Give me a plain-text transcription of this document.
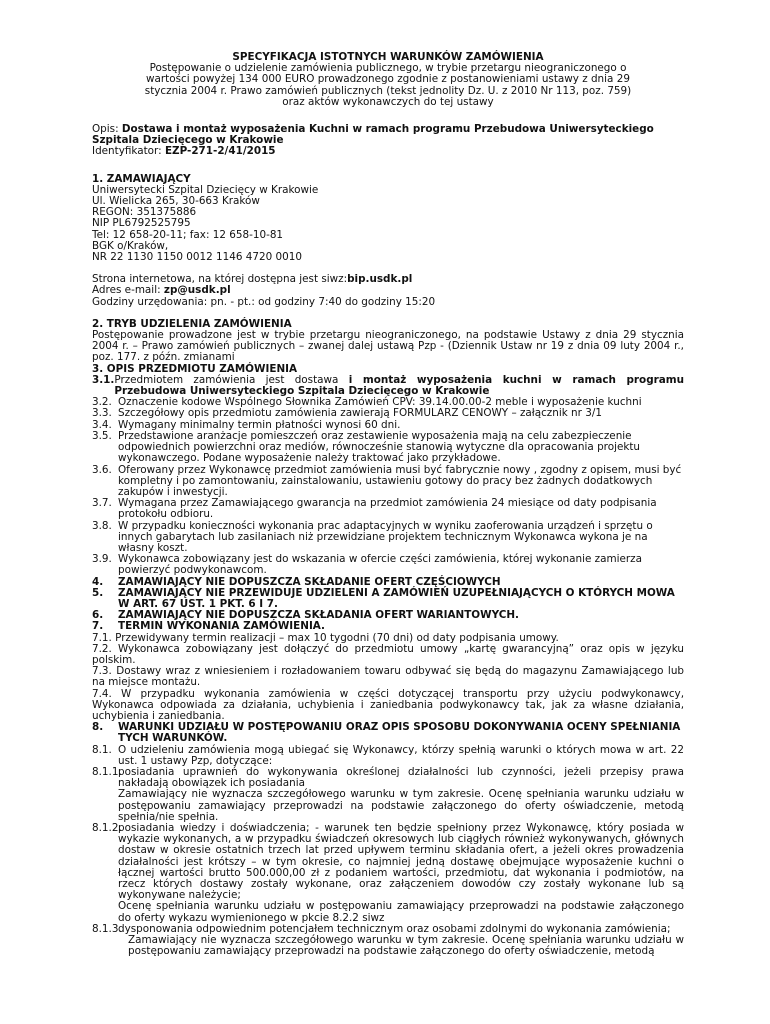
SPECYFIKACJA ISTOTNYCH WARUNKÓW ZAMÓWIENIA

Postępowanie o udzielenie zamówienia publicznego, w trybie przetargu nieograniczonego o wartości powyżej 134 000 EURO prowadzonego zgodnie z postanowieniami ustawy z dnia 29 stycznia 2004 r. Prawo zamówień publicznych (tekst jednolity Dz. U. z 2010 Nr 113, poz. 759) oraz aktów wykonawczych do tej ustawy

Opis: Dostawa i montaż wyposażenia Kuchni w ramach programu Przebudowa Uniwersyteckiego Szpitala Dziecięcego w Krakowie

Identyfikator: EZP-271-2/41/2015

1. ZAMAWIAJĄCY

Uniwersytecki Szpital Dziecięcy w Krakowie

Ul. Wielicka 265, 30-663 Kraków

REGON: 351375886

NIP PL6792525795

Tel: 12 658-20-11; fax: 12 658-10-81

BGK o/Kraków,

NR 22 1130 1150 0012 1146 4720 0010

Strona internetowa, na której dostępna jest siwz:bip.usdk.pl

Adres e-mail: zp@usdk.pl

Godziny urzędowania: pn. - pt.: od godziny 7:40 do godziny 15:20

2. TRYB UDZIELENIA ZAMÓWIENIA

Postępowanie prowadzone jest w trybie przetargu nieograniczonego, na podstawie Ustawy z dnia 29 stycznia 2004 r. – Prawo zamówień publicznych – zwanej dalej ustawą Pzp - (Dziennik Ustaw nr 19 z dnia 09 luty 2004 r., poz. 177. z późn. zmianami

3. OPIS PRZEDMIOTU ZAMÓWIENIA

3.1. Przedmiotem zamówienia jest dostawa i montaż wyposażenia kuchni w ramach programu Przebudowa Uniwersyteckiego Szpitala Dziecięcego w Krakowie
3.2. Oznaczenie kodowe Wspólnego Słownika Zamówień CPV: 39.14.00.00-2 meble i wyposażenie kuchni
3.3. Szczegółowy opis przedmiotu zamówienia zawierają FORMULARZ CENOWY – załącznik nr 3/1
3.4. Wymagany minimalny termin płatności wynosi 60 dni.
3.5. Przedstawione aranżacje pomieszczeń oraz zestawienie wyposażenia mają na celu zabezpieczenie odpowiednich powierzchni oraz mediów, równocześnie stanowią wytyczne dla opracowania projektu wykonawczego. Podane wyposażenie należy traktować jako przykładowe.
3.6. Oferowany przez Wykonawcę przedmiot zamówienia musi być fabrycznie nowy , zgodny z opisem, musi być kompletny i po zamontowaniu, zainstalowaniu, ustawieniu gotowy do pracy bez żadnych dodatkowych zakupów i inwestycji.
3.7. Wymagana przez Zamawiającego gwarancja na przedmiot zamówienia 24 miesiące od daty podpisania protokołu odbioru.
3.8. W przypadku konieczności wykonania prac adaptacyjnych w wyniku zaoferowania urządzeń i sprzętu o innych gabarytach lub zasilaniach niż przewidziane projektem technicznym Wykonawca wykona je na własny koszt.
3.9. Wykonawca zobowiązany jest do wskazania w ofercie części zamówienia, której wykonanie zamierza powierzyć podwykonawcom.
4.	ZAMAWIAJĄCY NIE DOPUSZCZA SKŁADANIE OFERT CZĘŚCIOWYCH
5.	ZAMAWIAJĄCY NIE PRZEWIDUJE UDZIELENI A ZAMÓWIEŃ UZUPEŁNIAJĄCYCH O KTÓRYCH MOWA W ART. 67 UST. 1 PKT. 6 I 7.
6.	ZAMAWIAJĄCY NIE DOPUSZCZA SKŁADANIA OFERT WARIANTOWYCH.
7.	TERMIN WYKONANIA ZAMÓWIENIA.

7.1. Przewidywany termin realizacji – max 10 tygodni (70 dni) od daty podpisania umowy.

7.2. Wykonawca zobowiązany jest dołączyć do przedmiotu umowy „kartę gwarancyjną” oraz opis w języku polskim.

7.3. Dostawy wraz z wniesieniem i rozładowaniem towaru odbywać się będą do magazynu Zamawiającego lub na miejsce montażu.

7.4. W przypadku wykonania zamówienia w części dotyczącej transportu przy użyciu podwykonawcy, Wykonawca odpowiada za działania, uchybienia i zaniedbania podwykonawcy tak, jak za własne działania, uchybienia i zaniedbania.

8.	WARUNKI UDZIAŁU W POSTĘPOWANIU ORAZ OPIS SPOSOBU DOKONYWANIA OCENY SPEŁNIANIA TYCH WARUNKÓW.
8.1. O udzieleniu zamówienia mogą ubiegać się Wykonawcy, którzy spełnią warunki o których mowa w art. 22 ust. 1 ustawy Pzp, dotyczące:
8.1.1.
posiadania uprawnień do wykonywania określonej działalności lub czynności, jeżeli przepisy prawa nakładają obowiązek ich posiadania

Zamawiający nie wyznacza szczegółowego warunku w tym zakresie. Ocenę spełniania warunku udziału w postępowaniu zamawiający przeprowadzi na podstawie załączonego do oferty oświadczenie, metodą spełnia/nie spełnia.

8.1.2.
posiadania wiedzy i doświadczenia; - warunek ten będzie spełniony przez Wykonawcę, który posiada w wykazie wykonanych, a w przypadku świadczeń okresowych lub ciągłych również wykonywanych, głównych dostaw w okresie ostatnich trzech lat przed upływem terminu składania ofert, a jeżeli okres prowadzenia działalności jest krótszy – w tym okresie, co najmniej jedną dostawę obejmujące wyposażenie kuchni o łącznej wartości brutto 500.000,00 zł z podaniem wartości, przedmiotu, dat wykonania i podmiotów, na rzecz których dostawy zostały wykonane, oraz załączeniem dowodów czy zostały wykonane lub są wykonywane należycie;

Ocenę spełniania warunku udziału w postępowaniu zamawiający przeprowadzi na podstawie załączonego do oferty wykazu wymienionego w pkcie 8.2.2 siwz

8.1.3.
dysponowania odpowiednim potencjałem technicznym oraz osobami zdolnymi do wykonania zamówienia;

Zamawiający nie wyznacza szczegółowego warunku w tym zakresie. Ocenę spełniania warunku udziału w postępowaniu zamawiający przeprowadzi na podstawie załączonego do oferty oświadczenie, metodą
